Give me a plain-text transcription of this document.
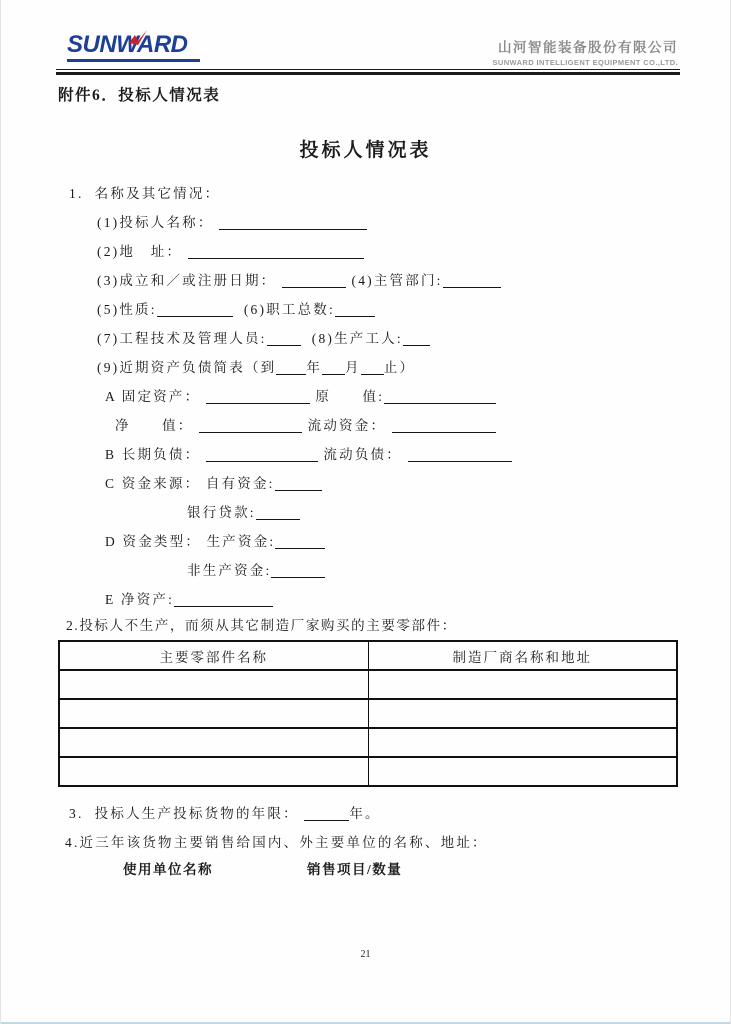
SUNWARD	山河智能装备股份有限公司
SUNWARD INTELLIGENT EQUIPMENT CO.,LTD.
附件6．投标人情况表
投标人情况表
1.  名称及其它情况：
(1)投标人名称：
(2)地　址：
(3)成立和／或注册日期：	(4)主管部门:
(5)性质:	(6)职工总数:
(7)工程技术及管理人员:	(8)生产工人:
(9)近期资产负债简表（到 年 月 止）
A 固定资产：	原　　值:
净　　值：	流动资金：
B 长期负债：	流动负债：
C 资金来源： 自有资金:
银行贷款:
D 资金类型： 生产资金:
非生产资金:
E 净资产:
2.投标人不生产，而须从其它制造厂家购买的主要零部件：
主要零部件名称	制造厂商名称和地址

3.  投标人生产投标货物的年限：	年。
4.近三年该货物主要销售给国内、外主要单位的名称、地址：
使用单位名称	销售项目/数量
21
